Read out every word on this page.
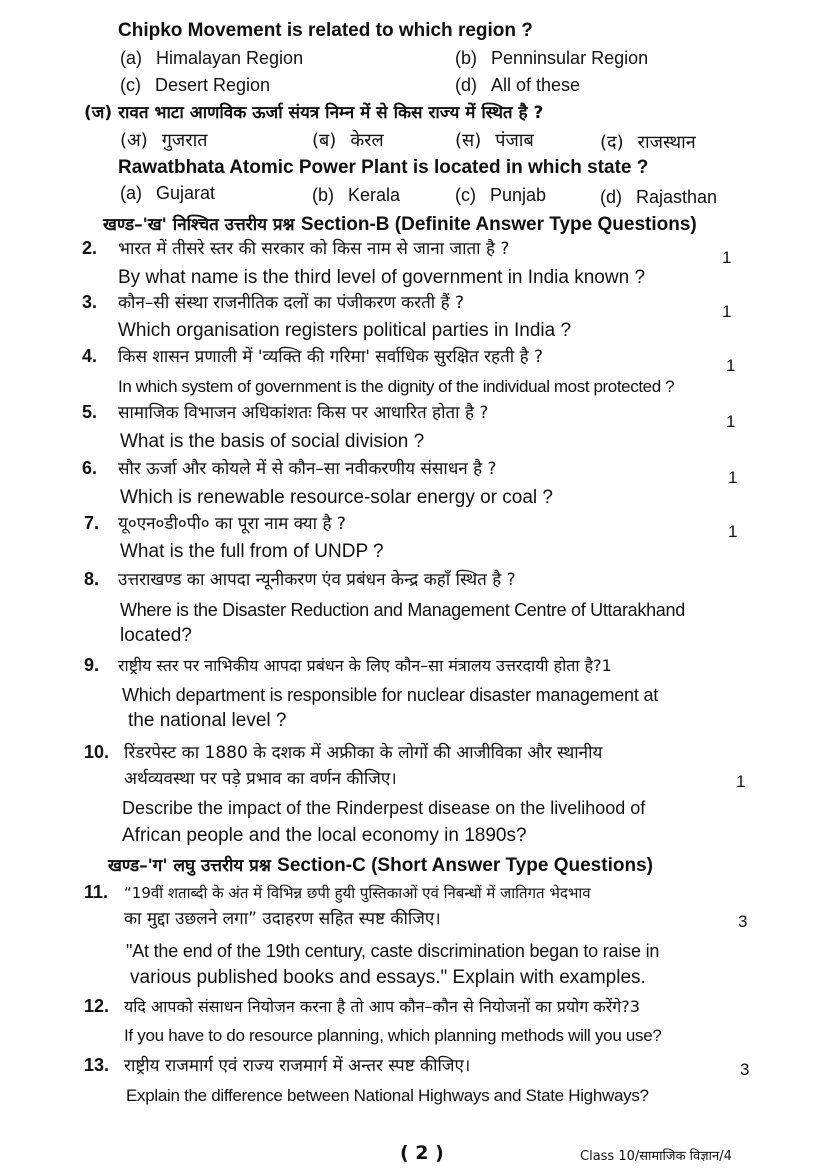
Chipko Movement is related to which region ?
(a) Himalayan Region	(b) Penninsular Region
(c) Desert Region	(d) All of these
(ज) रावत भाटा आणविक ऊर्जा संयत्र निम्न में से किस राज्य में स्थित है ?
(अ) गुजरात	(ब) केरल	(स) पंजाब	(द) राजस्थान
Rawatbhata Atomic Power Plant is located in which state ?
(a) Gujarat	(b) Kerala	(c) Punjab	(d) Rajasthan
खण्ड–'ख' निश्चित उत्तरीय प्रश्न Section-B (Definite Answer Type Questions)
2. भारत में तीसरे स्तर की सरकार को किस नाम से जाना जाता है ?	1
By what name is the third level of government in India known ?
3. कौन–सी संस्था राजनीतिक दलों का पंजीकरण करती हैं ?	1
Which organisation registers political parties in India ?
4. किस शासन प्रणाली में 'व्यक्ति की गरिमा' सर्वाधिक सुरक्षित रहती है ?	1
In which system of government is the dignity of the individual most protected ?
5. सामाजिक विभाजन अधिकांशतः किस पर आधारित होता है ?	1
What is the basis of social division ?
6. सौर ऊर्जा और कोयले में से कौन–सा नवीकरणीय संसाधन है ?	1
Which is renewable resource-solar energy or coal ?
7. यू०एन०डी०पी० का पूरा नाम क्या है ?	1
What is the full from of UNDP ?
8. उत्तराखण्ड का आपदा न्यूनीकरण एंव प्रबंधन केन्द्र कहाँ स्थित है ?
Where is the Disaster Reduction and Management Centre of Uttarakhand
located?
9. राष्ट्रीय स्तर पर नाभिकीय आपदा प्रबंधन के लिए कौन–सा मंत्रालय उत्तरदायी होता है?1
Which department is responsible for nuclear disaster management at
the national level ?
10. रिंडरपेस्ट का 1880 के दशक में अफ्रीका के लोगों की आजीविका और स्थानीय
अर्थव्यवस्था पर पड़े प्रभाव का वर्णन कीजिए।	1
Describe the impact of the Rinderpest disease on the livelihood of
African people and the local economy in 1890s?
खण्ड–'ग' लघु उत्तरीय प्रश्न Section-C (Short Answer Type Questions)
11. “19वीं शताब्दी के अंत में विभिन्न छपी हुयी पुस्तिकाओं एवं निबन्धों में जातिगत भेदभाव
का मुद्दा उछलने लगा” उदाहरण सहित स्पष्ट कीजिए।	3
"At the end of the 19th century, caste discrimination began to raise in
various published books and essays." Explain with examples.
12. यदि आपको संसाधन नियोजन करना है तो आप कौन–कौन से नियोजनों का प्रयोग करेंगे?3
If you have to do resource planning, which planning methods will you use?
13. राष्ट्रीय राजमार्ग एवं राज्य राजमार्ग में अन्तर स्पष्ट कीजिए।	3
Explain the difference between National Highways and State Highways?
( 2 )	Class 10/सामाजिक विज्ञान/4
